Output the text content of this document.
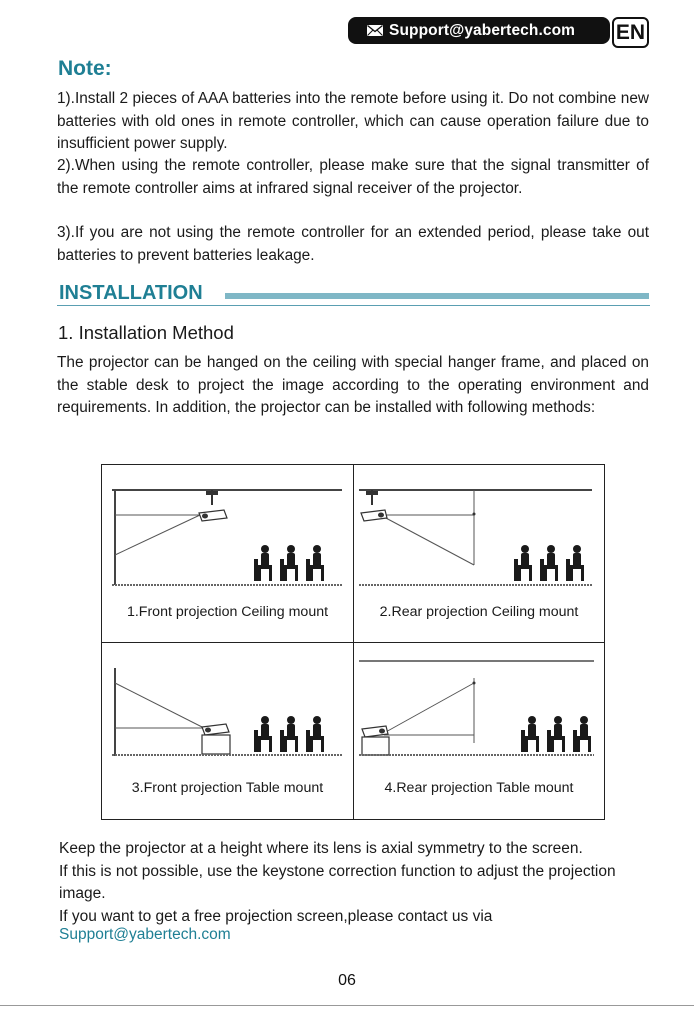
Support@yabertech.com EN
Note:

1).Install 2 pieces of AAA batteries into the remote before using it. Do not combine new batteries with old ones in remote controller, which can cause operation failure due to insufficient power supply.

2).When using the remote controller, please make sure that the signal transmitter of the remote controller aims at infrared signal receiver of the projector.

3).If you are not using the remote controller for an extended period, please take out batteries to prevent batteries leakage.

INSTALLATION
1. Installation Method

The projector can be hanged on the ceiling with special hanger frame, and placed on the stable desk to project the image according to the operating environment and requirements. In addition, the projector can be installed with following methods:

1.Front projection Ceiling mount	2.Rear projection Ceiling mount
3.Front projection Table mount	4.Rear projection Table mount
Keep the projector at a height where its lens is axial symmetry to the screen.
If this is not possible, use the keystone correction function to adjust the projection image.
If you want to get a free projection screen,please contact us via
Support@yabertech.com
06
